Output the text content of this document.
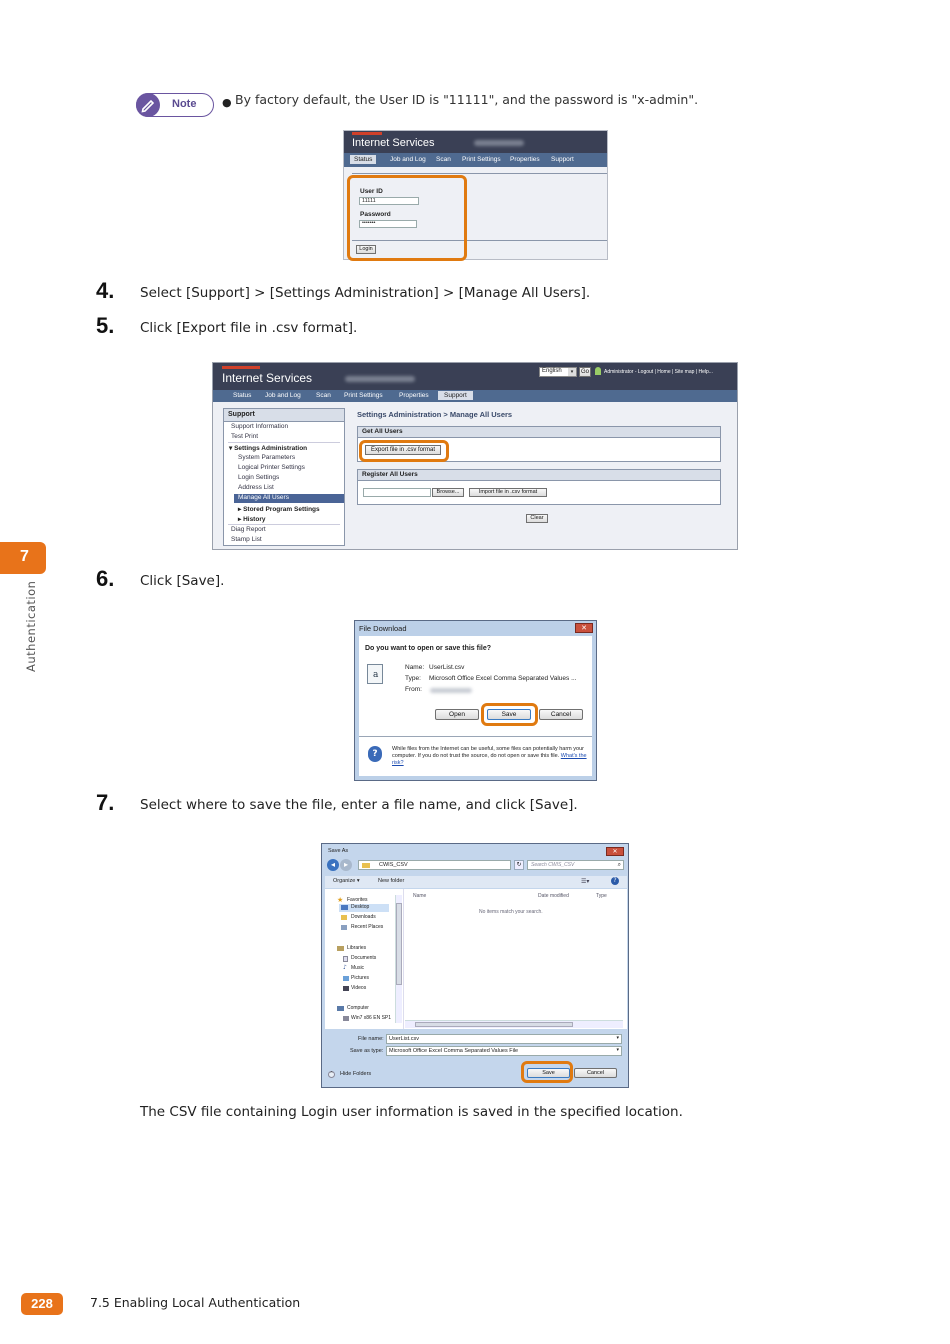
Note ● By factory default, the User ID is "11111", and the password is "x-admin".
Internet Services
Status	Job and Log Scan Print Settings Properties Support
User ID
11111
Password
•••••••
Login
4. Select [Support] > [Settings Administration] > [Manage All Users].
5. Click [Export file in .csv format].
Internet Services	English	▾	Go	Administrator - Logout | Home | Site map | Help...
Status Job and Log Scan Print Settings	Properties	Support
Support
Support Information
Test Print
▾ Settings Administration
System Parameters
Logical Printer Settings
Login Settings
Address List
Manage All Users
▸ Stored Program Settings
▸ History
Diag Report
Stamp List
Settings Administration > Manage All Users
Get All Users
Export file in .csv format
Register All Users
Browse...	Import file in .csv format
Clear
6. Click [Save].
File Download	✕
Do you want to open or save this file?
a
Name: UserList.csv
Type: Microsoft Office Excel Comma Separated Values ...
From:
Open	Save	Cancel
?	While files from the Internet can be useful, some files can potentially harm your computer. If you do not trust the source, do not open or save this file. What's the risk?
7. Select where to save the file, enter a file name, and click [Save].
Save As	✕
◂	▸	CWIS_CSV	↻	Search CWIS_CSV	⌕
Organize ▾	New folder	☰▾	?
★ Favorites
Desktop
Downloads
Recent Places
Libraries
Documents
♪ Music
Pictures
Videos
Computer
Win7 x86 EN SP1
Name	Date modified	Type
No items match your search.
File name: UserList.csv	▾
Save as type: Microsoft Office Excel Comma Separated Values File	▾
⌃ Hide Folders	Save	Cancel
The CSV file containing Login user information is saved in the specified location.
7
Authentication
228	7.5 Enabling Local Authentication
